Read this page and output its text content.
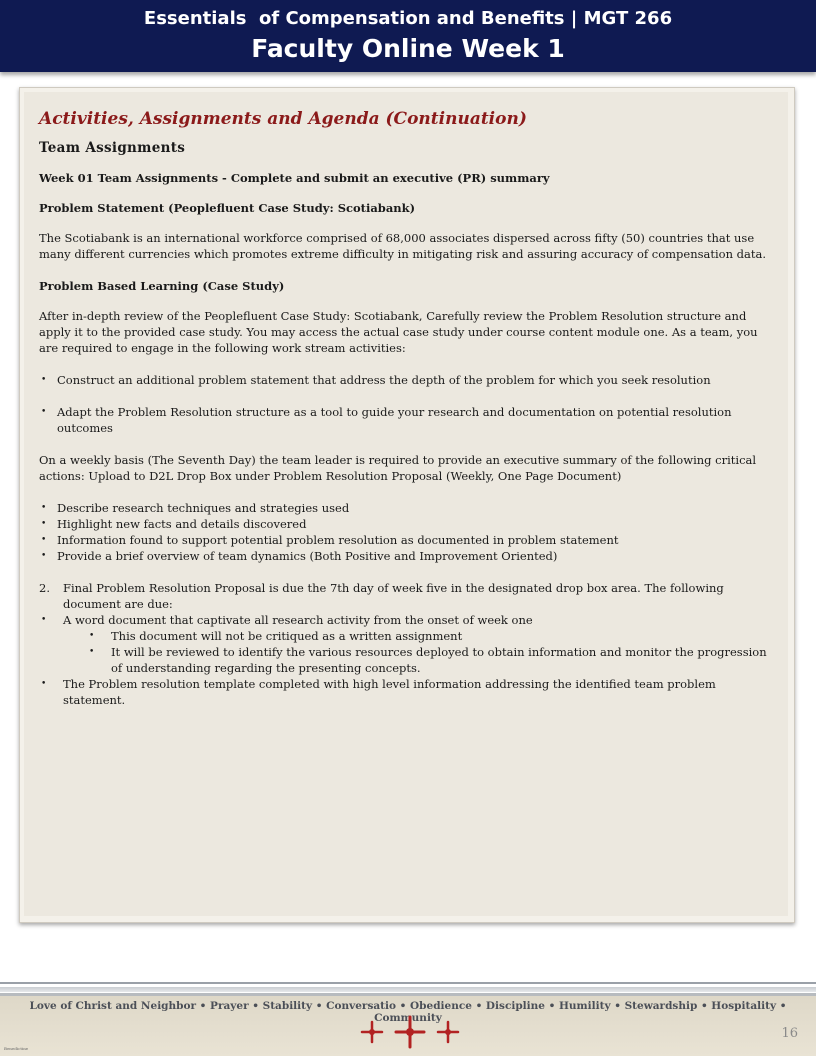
Essentials  of Compensation and Benefits | MGT 266
Faculty Online Week 1
Activities, Assignments and Agenda (Continuation)
Team Assignments
Week 01 Team Assignments - Complete and submit an executive (PR) summary
Problem Statement (Peoplefluent Case Study: Scotiabank)
The Scotiabank is an international workforce comprised of 68,000 associates dispersed across fifty (50) countries that use many different currencies which promotes extreme difficulty in mitigating risk and assuring accuracy of compensation data.
Problem Based Learning (Case Study)
After in-depth review of the Peoplefluent Case Study: Scotiabank, Carefully review the Problem Resolution structure and apply it to the provided case study. You may access the actual case study under course content module one. As a team, you are required to engage in the following work stream activities:
• Construct an additional problem statement that address the depth of the problem for which you seek resolution
• Adapt the Problem Resolution structure as a tool to guide your research and documentation on potential resolution outcomes
On a weekly basis (The Seventh Day) the team leader is required to provide an executive summary of the following critical actions: Upload to D2L Drop Box under Problem Resolution Proposal (Weekly, One Page Document)
• Describe research techniques and strategies used
• Highlight new facts and details discovered
• Information found to support potential problem resolution as documented in problem statement
• Provide a brief overview of team dynamics (Both Positive and Improvement Oriented)
2. Final Problem Resolution Proposal is due the 7th day of week five in the designated drop box area. The following document are due:
• A word document that captivate all research activity from the onset of week one
• This document will not be critiqued as a written assignment
• It will be reviewed to identify the various resources deployed to obtain information and monitor the progression of understanding regarding the presenting concepts.
• The Problem resolution template completed with high level information addressing the identified team problem statement.
Love of Christ and Neighbor • Prayer • Stability • Conversatio • Obedience • Discipline • Humility • Stewardship • Hospitality • Community
16
Benedictine
